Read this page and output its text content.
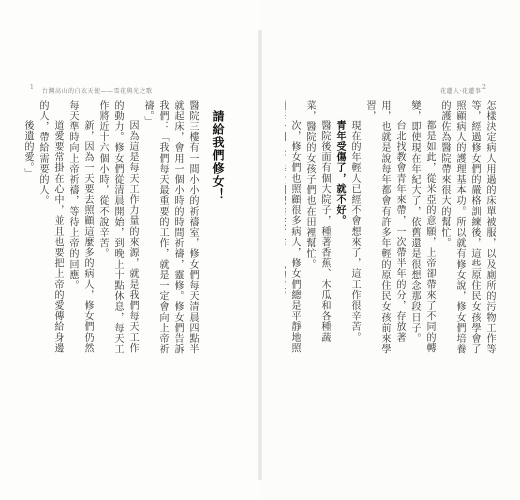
1
台灣高山的白衣天使——雪花與光之歌	花蓮人·花蓮事
2

怎樣決定病人用過的床單被服，以及廁所的污物工作等等，經過修女們的嚴格訓練後，這些原住民女孩學會了照顧病人的護理基本功。所以就有修女說，修女們培養的護佐為醫院帶來很大的幫忙。

都是如此，從米亞的意願，上帝卻帶來了不同的轉變，即使現在年紀大了，依舊還是很想念那段日子。

台北找教會青年來帶，一次帶半年的分，存放著用，也就是說每年都會有許多年輕的原住民女孩前來學習，

現在的年輕人已經不會想來了，這工作很辛苦。

青年受傷了，就不好。

醫院後面有個大院子，種著香蕉、木瓜和各種蔬菜，醫院的女孩子們也在田裡幫忙。

次，修女們也照顧很多病人，修女們總是平靜地照

請給我們修女！

醫院三樓有一間小小的祈禱室，修女們每天清晨四點半就起床，會用一個小時的時間祈禱，靈修。修女們告訴我們：「我們每天最重要的工作，就是一定會向上帝祈禱。」

因為這是每天工作力量的來源，就是我們每天工作的動力。修女們從清晨開始，到晚上十點休息，每天工作將近十六個小時，從不說辛苦。

新，因為一天要去照顧這麼多的病人，修女們仍然每天準時向上帝祈禱，等待上帝的回應。

道愛要常掛在心中，並且也要把上帝的愛傳給身邊的人，帶給需要的人。

後遺的愛。」
